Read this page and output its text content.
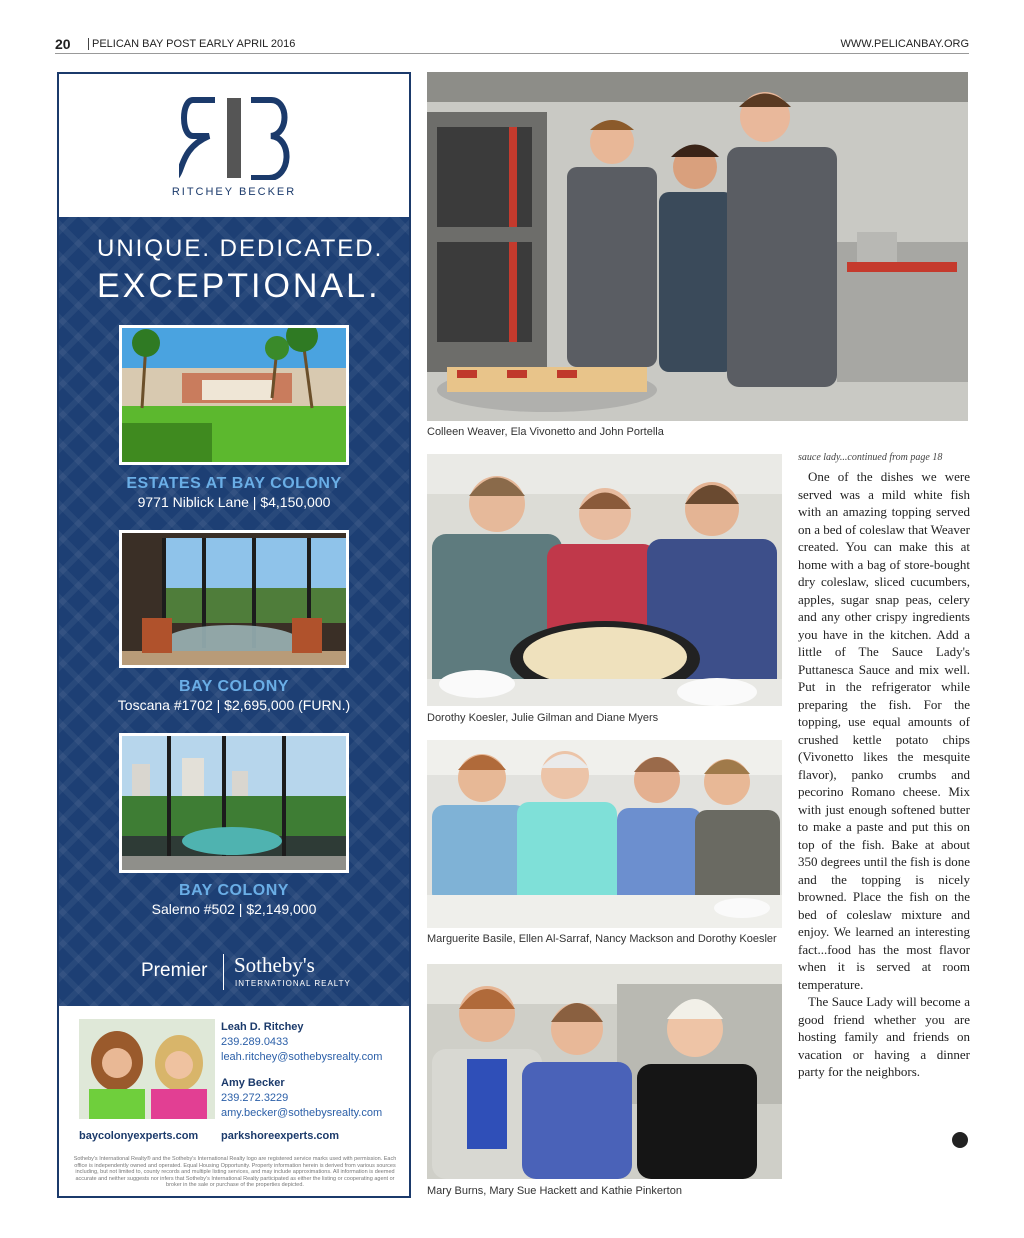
20	PELICAN BAY POST EARLY APRIL 2016	WWW.PELICANBAY.ORG
RITCHEY BECKER
UNIQUE. DEDICATED.
EXCEPTIONAL.
ESTATES AT BAY COLONY
9771 Niblick Lane | $4,150,000
BAY COLONY
Toscana #1702 | $2,695,000 (FURN.)
BAY COLONY
Salerno #502 | $2,149,000
Premier Sotheby's
INTERNATIONAL REALTY
Leah D. Ritchey
239.289.0433
leah.ritchey@sothebysrealty.com
Amy Becker
239.272.3229
amy.becker@sothebysrealty.com
baycolonyexperts.com parkshoreexperts.com
Sotheby's International Realty® and the Sotheby's International Realty logo are registered service marks used with permission. Each office is independently owned and operated. Equal Housing Opportunity. Property information herein is derived from various sources including, but not limited to, county records and multiple listing services, and may include approximations. All information is deemed accurate and neither suggests nor infers that Sotheby's International Realty participated as either the listing or cooperating agent or broker in the sale or purchase of the properties depicted.
Colleen Weaver, Ela Vivonetto and John Portella
Dorothy Koesler, Julie Gilman and Diane Myers
Marguerite Basile, Ellen Al-Sarraf, Nancy Mackson and Dorothy Koesler
Mary Burns, Mary Sue Hackett and Kathie Pinkerton
sauce lady...continued from page 18

One of the dishes we were served was a mild white fish with an amazing topping served on a bed of coleslaw that Weaver created. You can make this at home with a bag of store-bought dry coleslaw, sliced cucumbers, apples, sugar snap peas, celery and any other crispy ingredients you have in the kitchen. Add a little of The Sauce Lady's Puttanesca Sauce and mix well. Put in the refrigerator while preparing the fish. For the topping, use equal amounts of crushed kettle potato chips (Vivonetto likes the mesquite flavor), panko crumbs and pecorino Romano cheese. Mix with just enough softened butter to make a paste and put this on top of the fish. Bake at about 350 degrees until the fish is done and the topping is nicely browned. Place the fish on the bed of coleslaw mixture and enjoy. We learned an interesting fact...food has the most flavor when it is served at room temperature.

The Sauce Lady will become a good friend whether you are hosting family and friends on vacation or having a dinner party for the neighbors.
